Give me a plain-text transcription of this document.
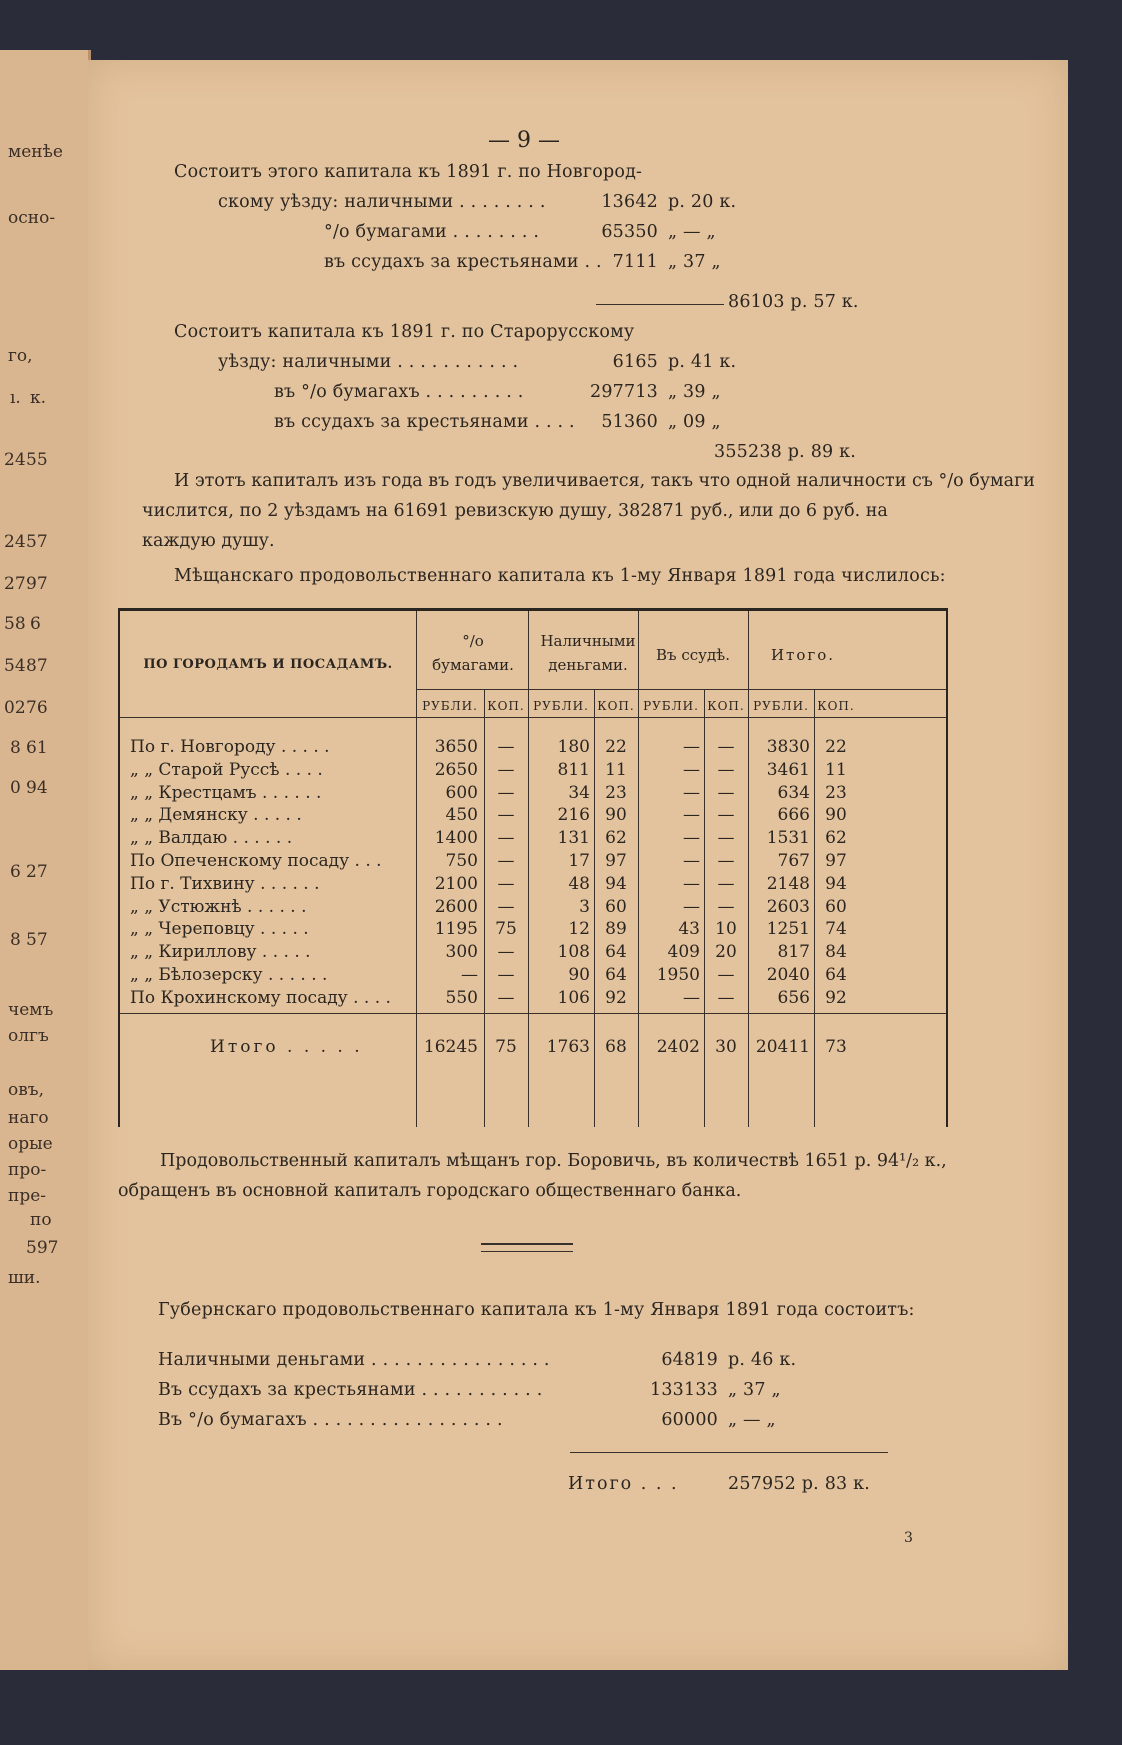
менѣе
осно-
го,
ı. к.
24 55
24 57
27 97
58 6
54 87
02 76
8 61
0 94
6 27
8 57
чемъ
олгъ
овъ,
наго
орые
про-
пре-
по
597
ши.
— 9 —
Состоитъ этого капитала къ 1891 г. по Новгород-
скому уѣзду: наличными . . . . . . . .	13642 р. 20 к.
°/o бумагами . . . . . . . .	65350 „ — „
въ ссудахъ за крестьянами . . 7111 „ 37 „
86103 р. 57 к.
Состоитъ капитала къ 1891 г. по Старорусскому
уѣзду: наличными . . . . . . . . . . .	6165 р. 41 к.
въ °/o бумагахъ . . . . . . . . .	297713 „ 39 „
въ ссудахъ за крестьянами . . . .	51360 „ 09 „
355238 р. 89 к.
И этотъ капиталъ изъ года въ годъ увеличивается, такъ что одной наличности съ °/o бумаги
числится, по 2 уѣздамъ на 61691 ревизскую душу, 382871 руб., или до 6 руб. на
каждую душу.
Мѣщанскаго продовольственнаго капитала къ 1-му Января 1891 года числилось:
ПО ГОРОДАМЪ И ПОСАДАМЪ.
°/o бумагами.
Наличными деньгами.
Въ ссудѣ.	Итого.
РУБЛИ. КОП. РУБЛИ. КОП. РУБЛИ. КОП. РУБЛИ. КОП.
По г. Новгороду . . . . .	3650	—	180 22	—	—	3830 22
„ „ Старой Руссѣ . . . .	2650	—	811 11	—	—	3461 11
„ „ Крестцамъ . . . . . .	600	—	34 23	—	—	634 23
„ „ Демянску . . . . .	450	—	216 90	—	—	666 90
„ „ Валдаю . . . . . .	1400	—	131 62	—	—	1531 62
По Опеченскому посаду . . .	750	—	17 97	—	—	767 97
По г. Тихвину . . . . . .	2100	—	48 94	—	—	2148 94
„ „ Устюжнѣ . . . . . .	2600	—	3 60	—	—	2603 60
„ „ Череповцу . . . . .	1195	75	12 89	43 10	1251 74
„ „ Кириллову . . . . .	300	—	108 64	409 20	817 84
„ „ Бѣлозерску . . . . . .	—	—	90 64	1950	—	2040 64
По Крохинскому посаду . . . .	550	—	106 92	—	—	656 92
Итого . . . . .	16245	75	1763 68	2402 30	20411 73
Продовольственный капиталъ мѣщанъ гор. Боровичь, въ количествѣ 1651 р. 94¹/₂ к.,
обращенъ въ основной капиталъ городскаго общественнаго банка.
Губернскаго продовольственнаго капитала къ 1-му Января 1891 года состоитъ:
Наличными деньгами . . . . . . . . . . . . . . . .	64819 р. 46 к.
Въ ссудахъ за крестьянами . . . . . . . . . . .	133133 „ 37 „
Въ °/o бумагахъ . . . . . . . . . . . . . . . . .	60000 „ — „
Итого . . .	257952 р. 83 к.
3
